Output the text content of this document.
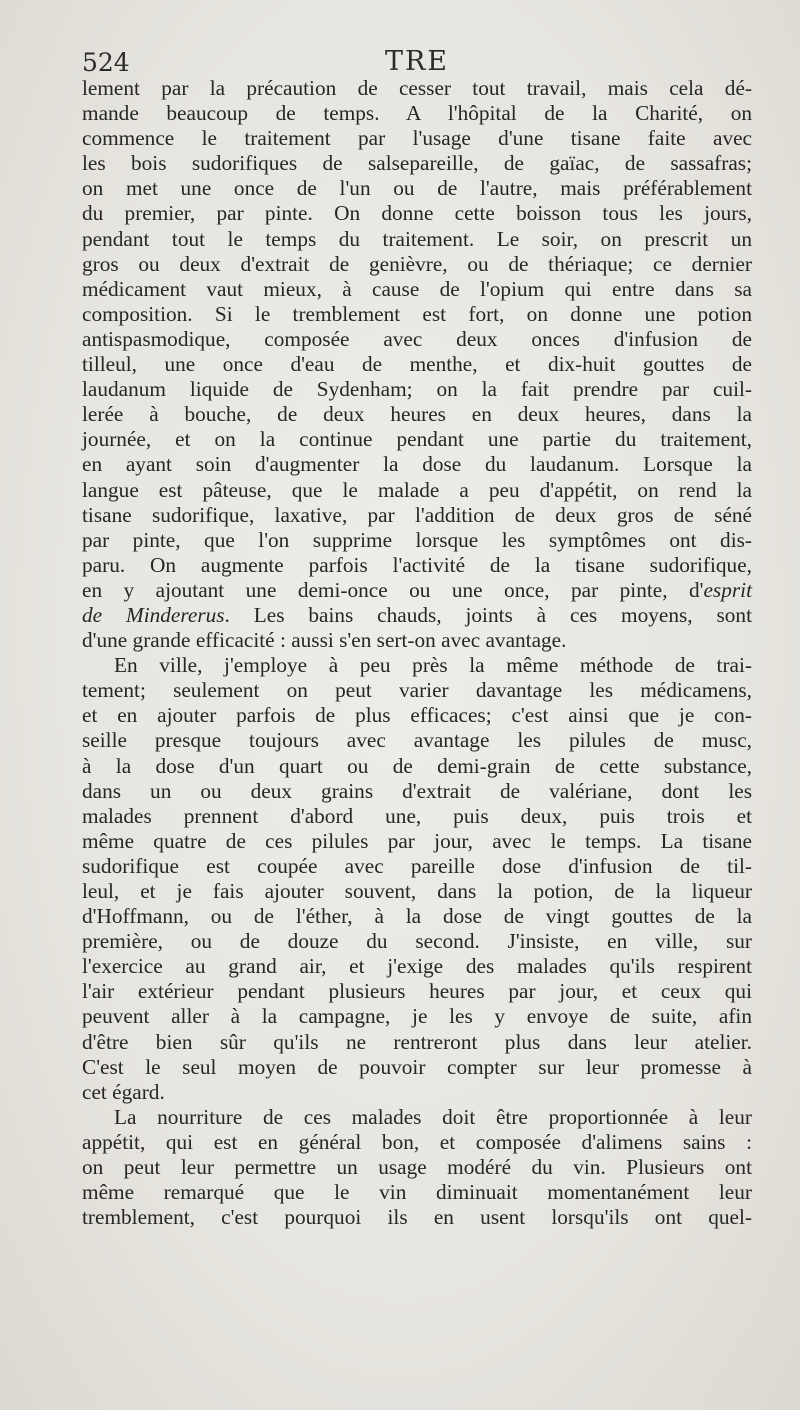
524	TRE

lement par la précaution de cesser tout travail, mais cela dé-
mande beaucoup de temps. A l'hôpital de la Charité, on
commence le traitement par l'usage d'une tisane faite avec
les bois sudorifiques de salsepareille, de gaïac, de sassafras;
on met une once de l'un ou de l'autre, mais préférablement
du premier, par pinte. On donne cette boisson tous les jours,
pendant tout le temps du traitement. Le soir, on prescrit un
gros ou deux d'extrait de genièvre, ou de thériaque; ce dernier
médicament vaut mieux, à cause de l'opium qui entre dans sa
composition. Si le tremblement est fort, on donne une potion
antispasmodique, composée avec deux onces d'infusion de
tilleul, une once d'eau de menthe, et dix-huit gouttes de
laudanum liquide de Sydenham; on la fait prendre par cuil-
lerée à bouche, de deux heures en deux heures, dans la
journée, et on la continue pendant une partie du traitement,
en ayant soin d'augmenter la dose du laudanum. Lorsque la
langue est pâteuse, que le malade a peu d'appétit, on rend la
tisane sudorifique, laxative, par l'addition de deux gros de séné
par pinte, que l'on supprime lorsque les symptômes ont dis-
paru. On augmente parfois l'activité de la tisane sudorifique,
en y ajoutant une demi-once ou une once, par pinte, d'esprit
de Mindererus. Les bains chauds, joints à ces moyens, sont
d'une grande efficacité : aussi s'en sert-on avec avantage.

En ville, j'employe à peu près la même méthode de trai-
tement; seulement on peut varier davantage les médicamens,
et en ajouter parfois de plus efficaces; c'est ainsi que je con-
seille presque toujours avec avantage les pilules de musc,
à la dose d'un quart ou de demi-grain de cette substance,
dans un ou deux grains d'extrait de valériane, dont les
malades prennent d'abord une, puis deux, puis trois et
même quatre de ces pilules par jour, avec le temps. La tisane
sudorifique est coupée avec pareille dose d'infusion de til-
leul, et je fais ajouter souvent, dans la potion, de la liqueur
d'Hoffmann, ou de l'éther, à la dose de vingt gouttes de la
première, ou de douze du second. J'insiste, en ville, sur
l'exercice au grand air, et j'exige des malades qu'ils respirent
l'air extérieur pendant plusieurs heures par jour, et ceux qui
peuvent aller à la campagne, je les y envoye de suite, afin
d'être bien sûr qu'ils ne rentreront plus dans leur atelier.
C'est le seul moyen de pouvoir compter sur leur promesse à
cet égard.

La nourriture de ces malades doit être proportionnée à leur
appétit, qui est en général bon, et composée d'alimens sains :
on peut leur permettre un usage modéré du vin. Plusieurs ont
même remarqué que le vin diminuait momentanément leur
tremblement, c'est pourquoi ils en usent lorsqu'ils ont quel-
